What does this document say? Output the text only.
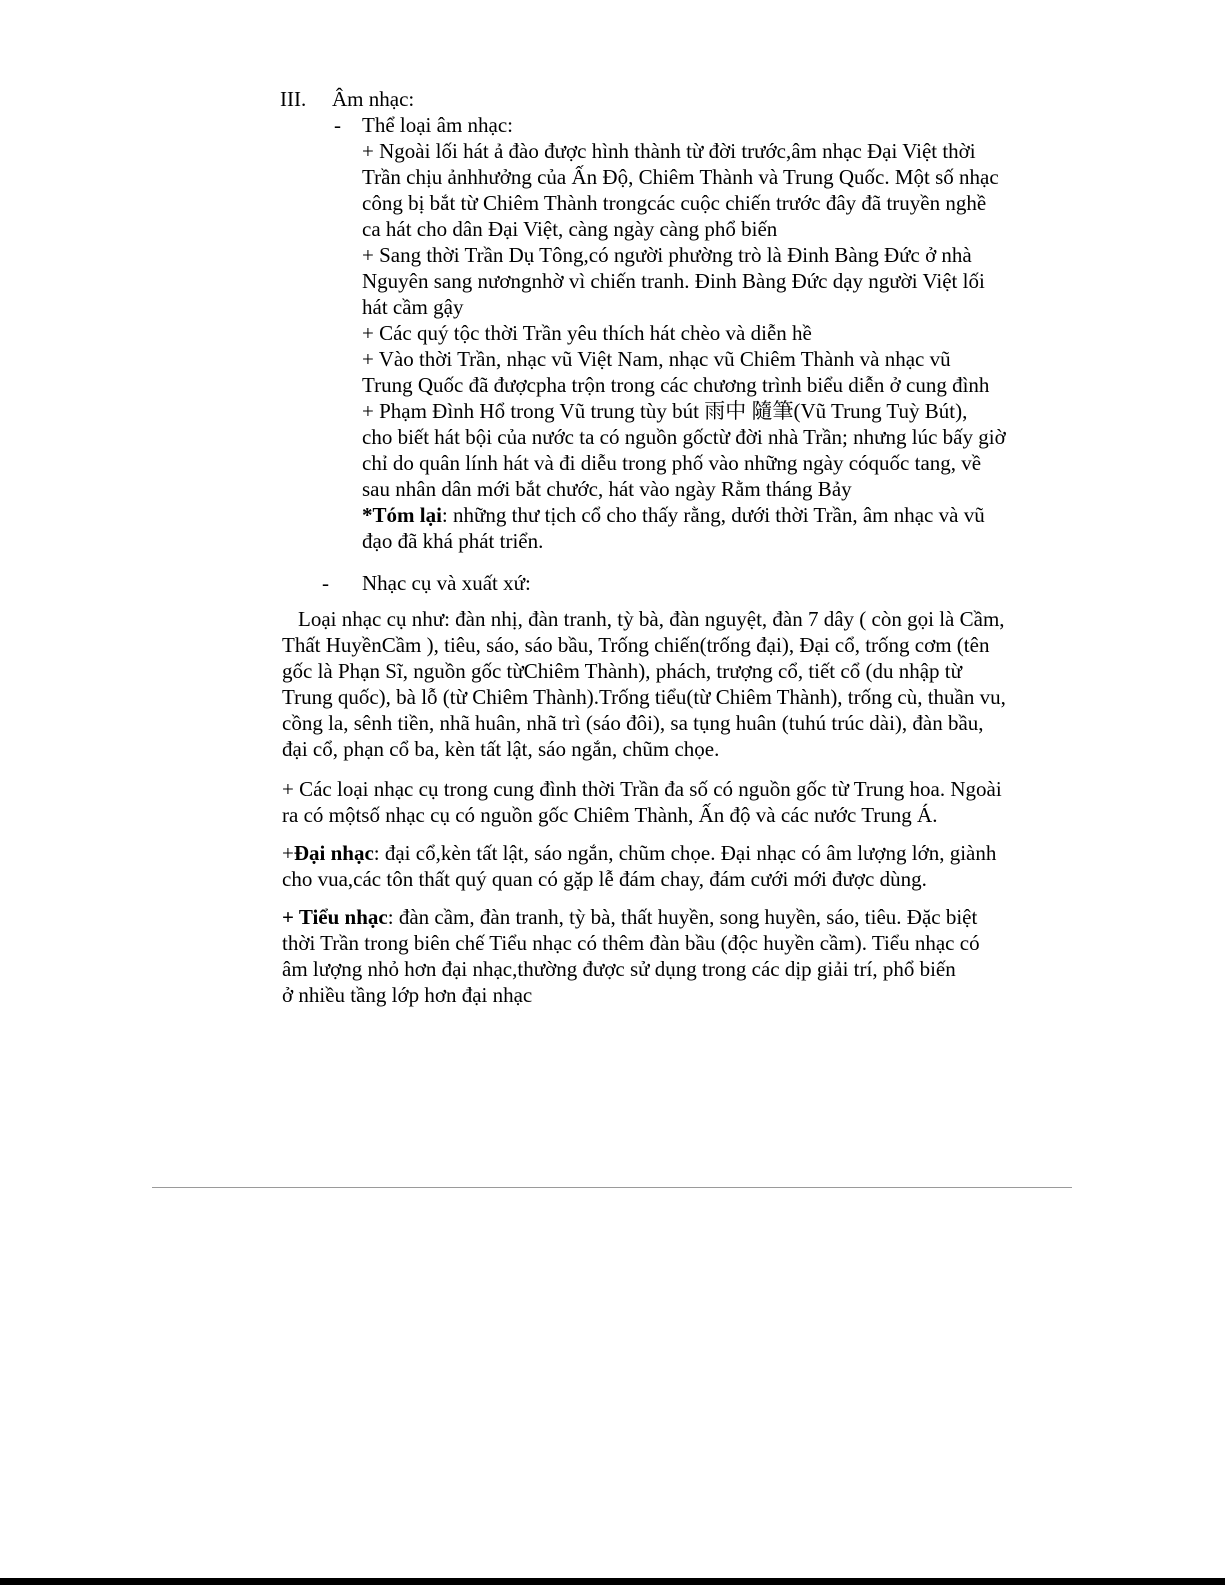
III. Âm nhạc:
- Thể loại âm nhạc:

+ Ngoài lối hát ả đào được hình thành từ đời trước,âm nhạc Đại Việt thời

Trần chịu ảnhhưởng của Ấn Độ, Chiêm Thành và Trung Quốc. Một số nhạc

công bị bắt từ Chiêm Thành trongcác cuộc chiến trước đây đã truyền nghề

ca hát cho dân Đại Việt, càng ngày càng phổ biến

+ Sang thời Trần Dụ Tông,có người phường trò là Đinh Bàng Đức ở nhà

Nguyên sang nươngnhờ vì chiến tranh. Đinh Bàng Đức dạy người Việt lối

hát cầm gậy

+ Các quý tộc thời Trần yêu thích hát chèo và diễn hề

+ Vào thời Trần, nhạc vũ Việt Nam, nhạc vũ Chiêm Thành và nhạc vũ

Trung Quốc đã đượcpha trộn trong các chương trình biểu diễn ở cung đình

+ Phạm Đình Hổ trong Vũ trung tùy bút 雨中 隨筆(Vũ Trung Tuỳ Bút),

cho biết hát bội của nước ta có nguồn gốctừ đời nhà Trần; nhưng lúc bấy giờ

chỉ do quân lính hát và đi diễu trong phố vào những ngày cóquốc tang, về

sau nhân dân mới bắt chước, hát vào ngày Rằm tháng Bảy

*Tóm lại: những thư tịch cổ cho thấy rằng, dưới thời Trần, âm nhạc và vũ

đạo đã khá phát triển.

- Nhạc cụ và xuất xứ:

Loại nhạc cụ như: đàn nhị, đàn tranh, tỳ bà, đàn nguyệt, đàn 7 dây ( còn gọi là Cầm,

Thất HuyềnCầm ), tiêu, sáo, sáo bầu, Trống chiến(trống đại), Đại cổ, trống cơm (tên

gốc là Phạn Sĩ, nguồn gốc từChiêm Thành), phách, trượng cổ, tiết cổ (du nhập từ

Trung quốc), bà lỗ (từ Chiêm Thành).Trống tiểu(từ Chiêm Thành), trống cù, thuần vu,

cồng la, sênh tiền, nhã huân, nhã trì (sáo đôi), sa tụng huân (tuhú trúc dài), đàn bầu,

đại cổ, phạn cổ ba, kèn tất lật, sáo ngắn, chũm chọe.

+ Các loại nhạc cụ trong cung đình thời Trần đa số có nguồn gốc từ Trung hoa. Ngoài

ra có mộtsố nhạc cụ có nguồn gốc Chiêm Thành, Ấn độ và các nước Trung Á.

+Đại nhạc: đại cổ,kèn tất lật, sáo ngắn, chũm chọe. Đại nhạc có âm lượng lớn, giành

cho vua,các tôn thất quý quan có gặp lễ đám chay, đám cưới mới được dùng.

+ Tiểu nhạc: đàn cầm, đàn tranh, tỳ bà, thất huyền, song huyền, sáo, tiêu. Đặc biệt

thời Trần trong biên chế Tiểu nhạc có thêm đàn bầu (độc huyền cầm). Tiểu nhạc có

âm lượng nhỏ hơn đại nhạc,thường được sử dụng trong các dịp giải trí, phổ biến

ở nhiều tầng lớp hơn đại nhạc
